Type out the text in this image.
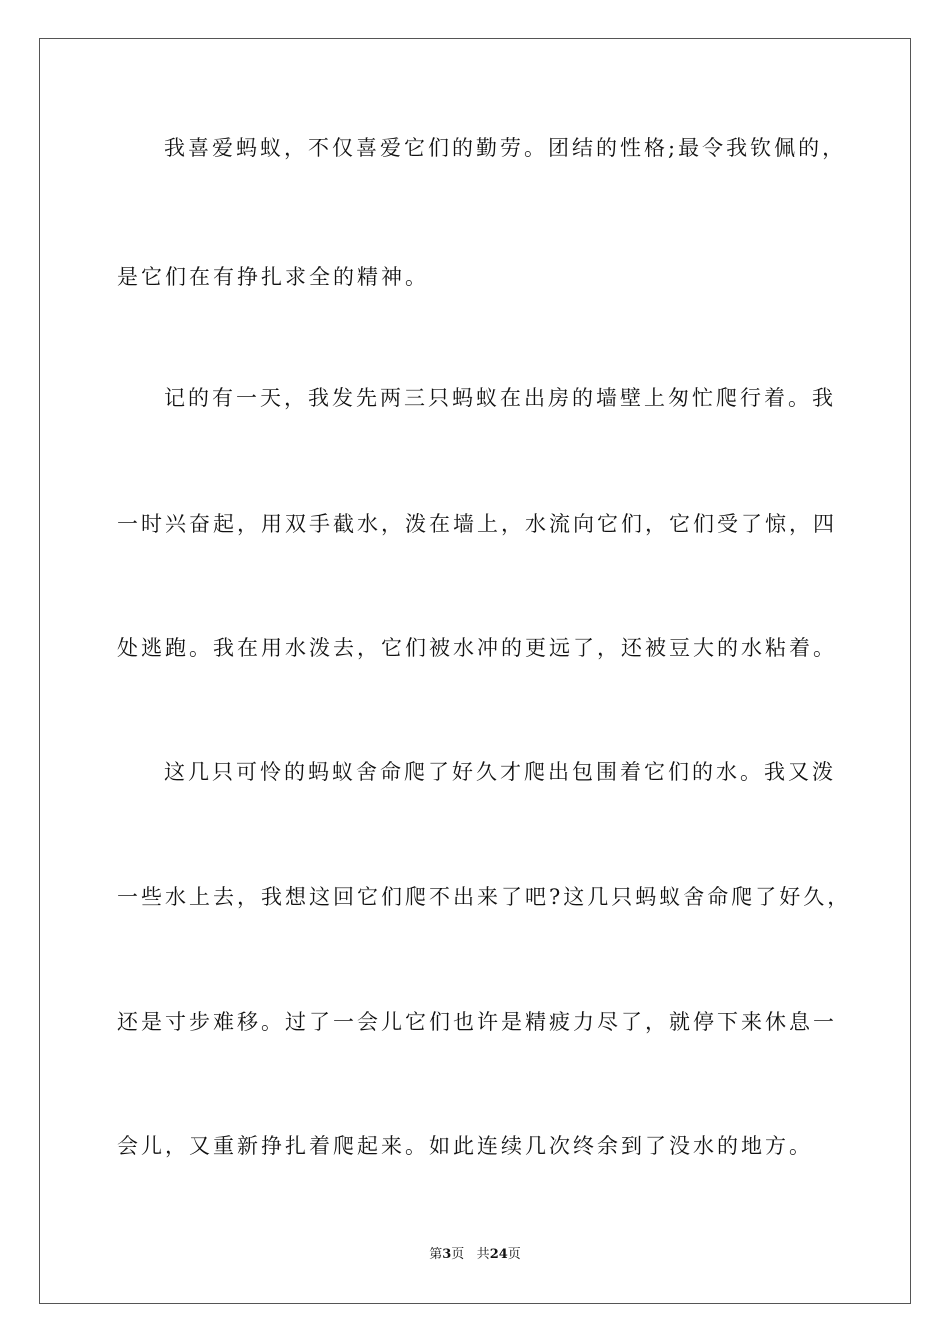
我喜爱蚂蚁，不仅喜爱它们的勤劳。团结的性格;最令我钦佩的，
是它们在有挣扎求全的精神。
记的有一天，我发先两三只蚂蚁在出房的墙壁上匆忙爬行着。我
一时兴奋起，用双手截水，泼在墙上，水流向它们，它们受了惊，四
处逃跑。我在用水泼去，它们被水冲的更远了，还被豆大的水粘着。
这几只可怜的蚂蚁舍命爬了好久才爬出包围着它们的水。我又泼
一些水上去，我想这回它们爬不出来了吧?这几只蚂蚁舍命爬了好久，
还是寸步难移。过了一会儿它们也许是精疲力尽了，就停下来休息一
会儿，又重新挣扎着爬起来。如此连续几次终余到了没水的地方。
第3页 共24页
